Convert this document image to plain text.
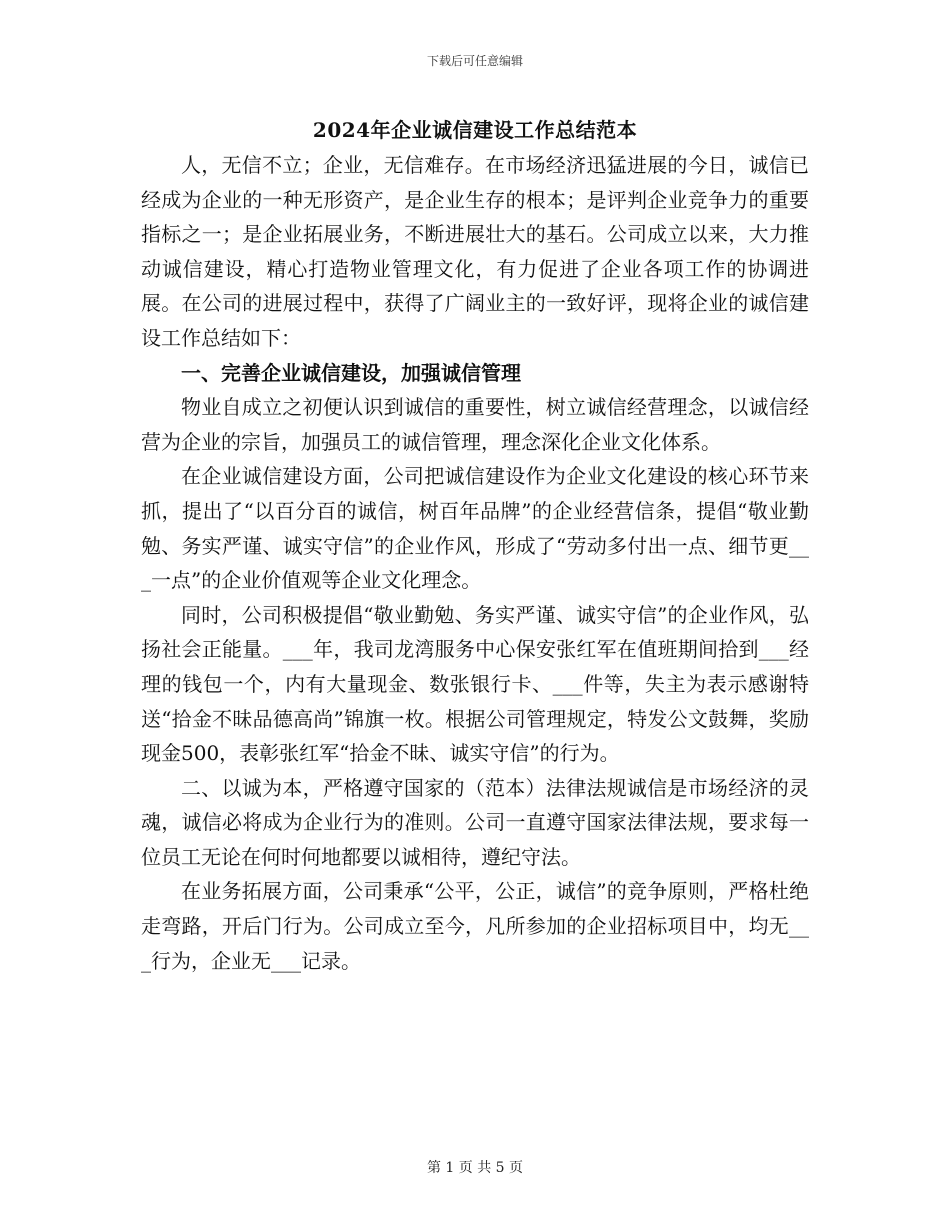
下载后可任意编辑
2024年企业诚信建设工作总结范本

人，无信不立；企业，无信难存。在市场经济迅猛进展的今日，诚信已经成为企业的一种无形资产，是企业生存的根本；是评判企业竞争力的重要指标之一；是企业拓展业务，不断进展壮大的基石。公司成立以来，大力推动诚信建设，精心打造物业管理文化，有力促进了企业各项工作的协调进展。在公司的进展过程中，获得了广阔业主的一致好评，现将企业的诚信建设工作总结如下：

一、完善企业诚信建设，加强诚信管理

物业自成立之初便认识到诚信的重要性，树立诚信经营理念，以诚信经营为企业的宗旨，加强员工的诚信管理，理念深化企业文化体系。

在企业诚信建设方面，公司把诚信建设作为企业文化建设的核心环节来抓，提出了“以百分百的诚信，树百年品牌”的企业经营信条，提倡“敬业勤勉、务实严谨、诚实守信”的企业作风，形成了“劳动多付出一点、细节更___一点”的企业价值观等企业文化理念。

同时，公司积极提倡“敬业勤勉、务实严谨、诚实守信”的企业作风，弘扬社会正能量。___年，我司龙湾服务中心保安张红军在值班期间拾到___经理的钱包一个，内有大量现金、数张银行卡、___件等，失主为表示感谢特送“拾金不昧品德高尚”锦旗一枚。根据公司管理规定，特发公文鼓舞，奖励现金500，表彰张红军“拾金不昧、诚实守信”的行为。

二、以诚为本，严格遵守国家的（范本）法律法规诚信是市场经济的灵魂，诚信必将成为企业行为的准则。公司一直遵守国家法律法规，要求每一位员工无论在何时何地都要以诚相待，遵纪守法。

在业务拓展方面，公司秉承“公平，公正，诚信”的竞争原则，严格杜绝走弯路，开后门行为。公司成立至今，凡所参加的企业招标项目中，均无___行为，企业无___记录。

第 1 页 共 5 页
